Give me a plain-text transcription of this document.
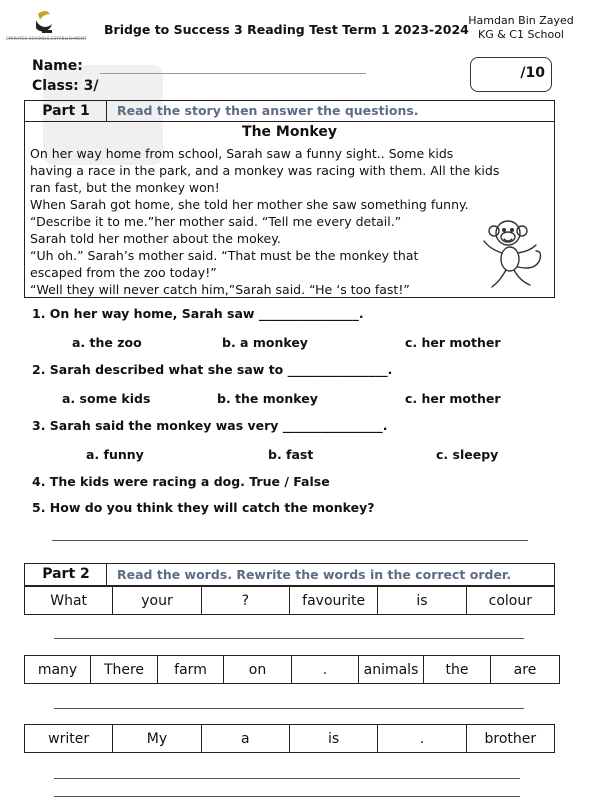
EMIRATES SCHOOLS ESTABLISHMENT
Bridge to Success 3 Reading Test Term 1 2023-2024
Hamdan Bin Zayed
KG & C1 School
Name:
Class: 3/
/10
Part 1	Read the story then answer the questions.
The Monkey
On her way home from school, Sarah saw a funny sight.. Some kids
having a race in the park, and a monkey was racing with them. All the kids
ran fast, but the monkey won!
When Sarah got home, she told her mother she saw something funny.
“Describe it to me.”her mother said. “Tell me every detail.”
Sarah told her mother about the mokey.
“Uh oh.” Sarah’s mother said. “That must be the monkey that
escaped from the zoo today!”
“Well they will never catch him,”Sarah said. “He ‘s too fast!”
1. On her way home, Sarah saw ________________.
a. the zoo	b. a monkey	c. her mother
2. Sarah described what she saw to ________________.
a. some kids	b. the monkey	c. her mother
3. Sarah said the monkey was very ________________.
a. funny	b. fast	c. sleepy
4. The kids were racing a dog. True / False
5. How do you think they will catch the monkey?
Part 2	Read the words. Rewrite the words in the correct order.
What	your	?	favourite	is	colour
many	There	farm	on	.	animals	the	are
writer	My	a	is	.	brother
